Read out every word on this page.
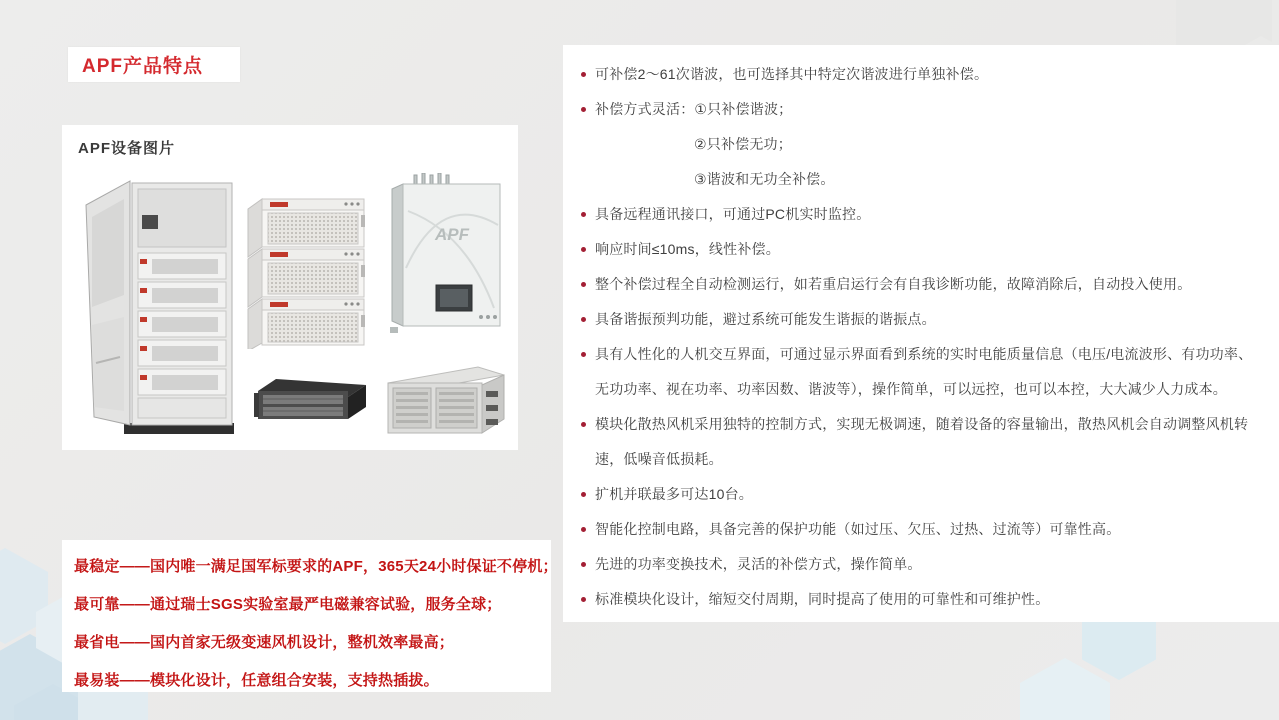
APF产品特点
APF设备图片
APF
可补偿2～61次谐波，也可选择其中特定次谐波进行单独补偿。
补偿方式灵活：①只补偿谐波；
②只补偿无功；
③谐波和无功全补偿。
具备远程通讯接口，可通过PC机实时监控。
响应时间≤10ms，线性补偿。
整个补偿过程全自动检测运行，如若重启运行会有自我诊断功能，故障消除后，自动投入使用。
具备谐振预判功能，避过系统可能发生谐振的谐振点。
具有人性化的人机交互界面，可通过显示界面看到系统的实时电能质量信息（电压/电流波形、有功功率、无功功率、视在功率、功率因数、谐波等），操作简单，可以远控，也可以本控，大大减少人力成本。
模块化散热风机采用独特的控制方式，实现无极调速，随着设备的容量输出，散热风机会自动调整风机转速，低噪音低损耗。
扩机并联最多可达10台。
智能化控制电路，具备完善的保护功能（如过压、欠压、过热、过流等）可靠性高。
先进的功率变换技术，灵活的补偿方式，操作简单。
标准模块化设计，缩短交付周期，同时提高了使用的可靠性和可维护性。
最稳定——国内唯一满足国军标要求的APF，365天24小时保证不停机；
最可靠——通过瑞士SGS实验室最严电磁兼容试验，服务全球；
最省电——国内首家无级变速风机设计，整机效率最高；
最易装——模块化设计，任意组合安装，支持热插拔。
